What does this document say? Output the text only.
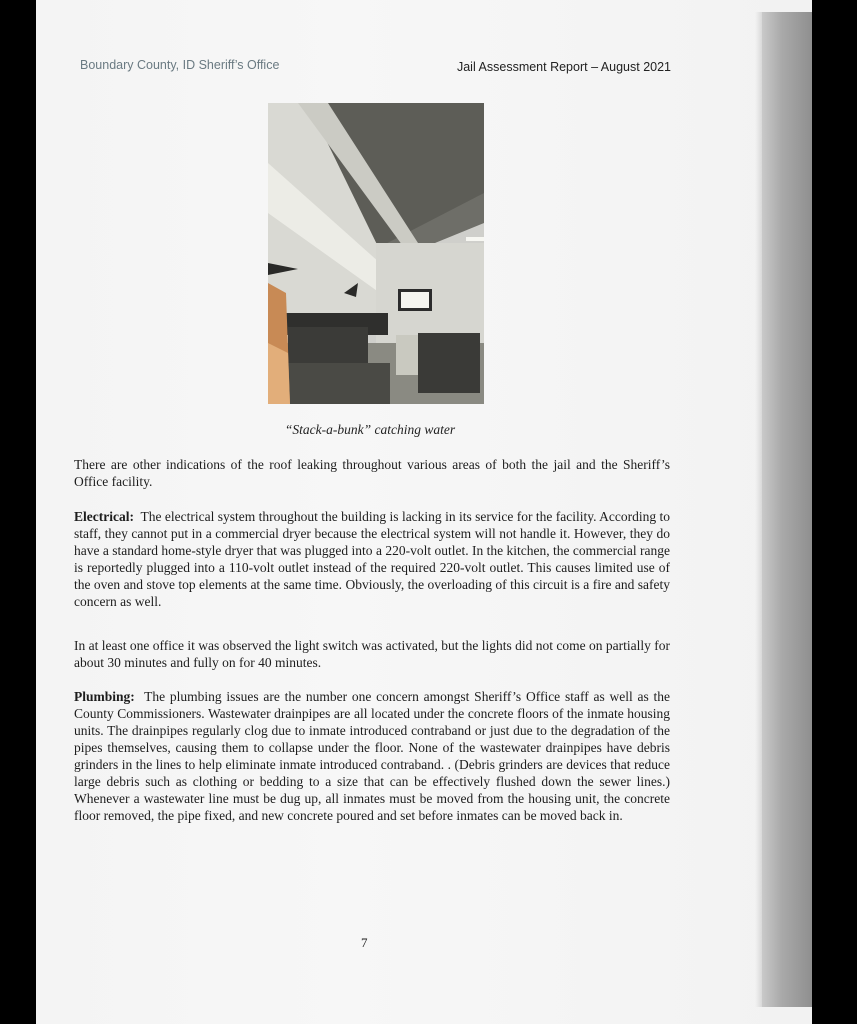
Boundary County, ID Sheriff’s Office	Jail Assessment Report – August 2021
“Stack-a-bunk” catching water

There are other indications of the roof leaking throughout various areas of both the jail and the Sheriff’s Office facility.

Electrical: The electrical system throughout the building is lacking in its service for the facility. According to staff, they cannot put in a commercial dryer because the electrical system will not handle it. However, they do have a standard home-style dryer that was plugged into a 220-volt outlet. In the kitchen, the commercial range is reportedly plugged into a 110-volt outlet instead of the required 220-volt outlet. This causes limited use of the oven and stove top elements at the same time. Obviously, the overloading of this circuit is a fire and safety concern as well.

In at least one office it was observed the light switch was activated, but the lights did not come on partially for about 30 minutes and fully on for 40 minutes.

Plumbing: The plumbing issues are the number one concern amongst Sheriff’s Office staff as well as the County Commissioners. Wastewater drainpipes are all located under the concrete floors of the inmate housing units. The drainpipes regularly clog due to inmate introduced contraband or just due to the degradation of the pipes themselves, causing them to collapse under the floor. None of the wastewater drainpipes have debris grinders in the lines to help eliminate inmate introduced contraband. . (Debris grinders are devices that reduce large debris such as clothing or bedding to a size that can be effectively flushed down the sewer lines.) Whenever a wastewater line must be dug up, all inmates must be moved from the housing unit, the concrete floor removed, the pipe fixed, and new concrete poured and set before inmates can be moved back in.

7
